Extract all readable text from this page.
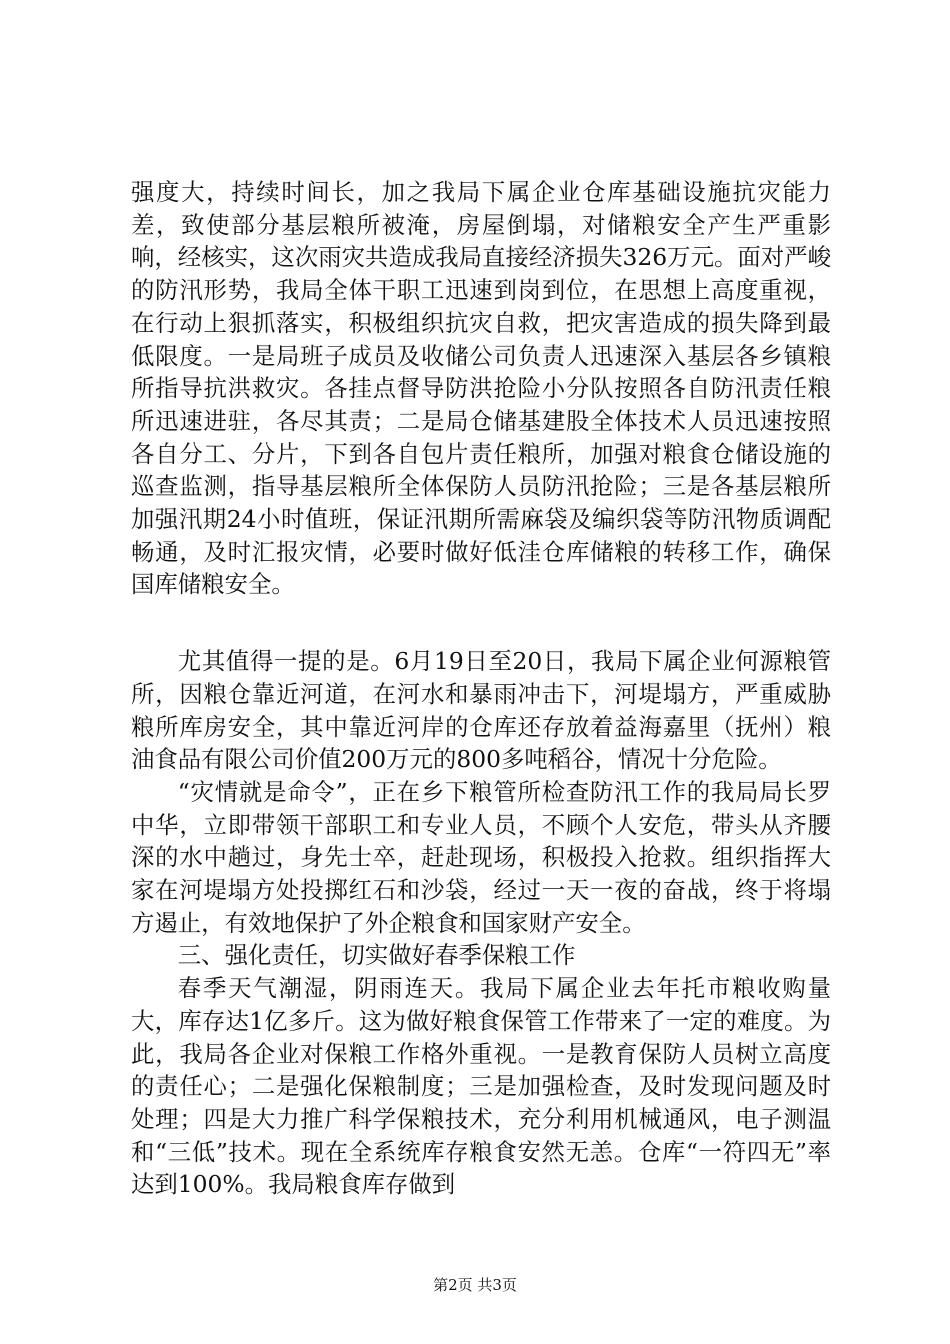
强度大，持续时间长，加之我局下属企业仓库基础设施抗灾能力差，致使部分基层粮所被淹，房屋倒塌，对储粮安全产生严重影响，经核实，这次雨灾共造成我局直接经济损失326万元。面对严峻的防汛形势，我局全体干职工迅速到岗到位，在思想上高度重视，在行动上狠抓落实，积极组织抗灾自救，把灾害造成的损失降到最低限度。一是局班子成员及收储公司负责人迅速深入基层各乡镇粮所指导抗洪救灾。各挂点督导防洪抢险小分队按照各自防汛责任粮所迅速进驻，各尽其责；二是局仓储基建股全体技术人员迅速按照各自分工、分片，下到各自包片责任粮所，加强对粮食仓储设施的巡查监测，指导基层粮所全体保防人员防汛抢险；三是各基层粮所加强汛期24小时值班，保证汛期所需麻袋及编织袋等防汛物质调配畅通，及时汇报灾情，必要时做好低洼仓库储粮的转移工作，确保国库储粮安全。

尤其值得一提的是。6月19日至20日，我局下属企业何源粮管所，因粮仓靠近河道，在河水和暴雨冲击下，河堤塌方，严重威胁粮所库房安全，其中靠近河岸的仓库还存放着益海嘉里（抚州）粮油食品有限公司价值200万元的800多吨稻谷，情况十分危险。

“灾情就是命令”，正在乡下粮管所检查防汛工作的我局局长罗中华，立即带领干部职工和专业人员，不顾个人安危，带头从齐腰深的水中趟过，身先士卒，赶赴现场，积极投入抢救。组织指挥大家在河堤塌方处投掷红石和沙袋，经过一天一夜的奋战，终于将塌方遏止，有效地保护了外企粮食和国家财产安全。

三、强化责任，切实做好春季保粮工作

春季天气潮湿，阴雨连天。我局下属企业去年托市粮收购量大，库存达1亿多斤。这为做好粮食保管工作带来了一定的难度。为此，我局各企业对保粮工作格外重视。一是教育保防人员树立高度的责任心；二是强化保粮制度；三是加强检查，及时发现问题及时处理；四是大力推广科学保粮技术，充分利用机械通风，电子测温和“三低”技术。现在全系统库存粮食安然无恙。仓库“一符四无”率达到100%。我局粮食库存做到

第2页 共3页
